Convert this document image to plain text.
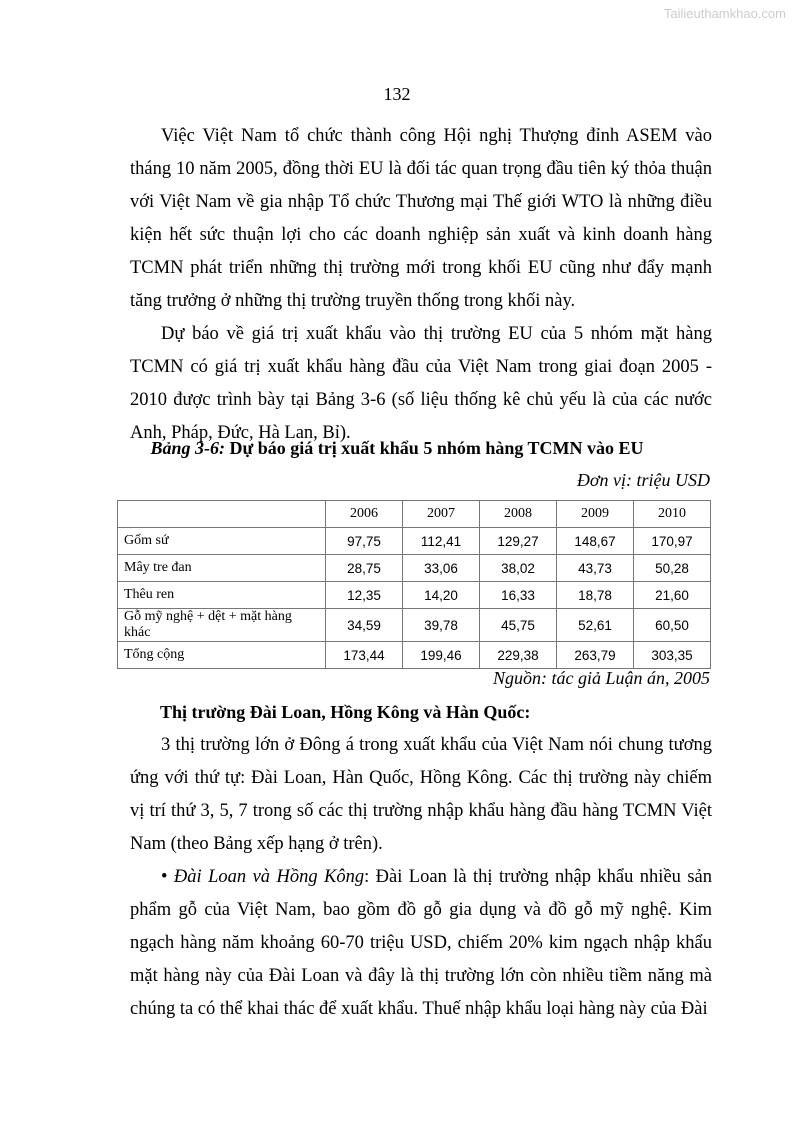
Tailieuthamkhao.com
132
Việc Việt Nam tổ chức thành công Hội nghị Thượng đỉnh ASEM vào tháng 10 năm 2005, đồng thời EU là đối tác quan trọng đầu tiên ký thỏa thuận với Việt Nam về gia nhập Tổ chức Thương mại Thế giới WTO là những điều kiện hết sức thuận lợi cho các doanh nghiệp sản xuất và kinh doanh hàng TCMN phát triển những thị trường mới trong khối EU cũng như đẩy mạnh tăng trưởng ở những thị trường truyền thống trong khối này.
Dự báo về giá trị xuất khẩu vào thị trường EU của 5 nhóm mặt hàng TCMN có giá trị xuất khẩu hàng đầu của Việt Nam trong giai đoạn 2005 - 2010 được trình bày tại Bảng 3-6 (số liệu thống kê chủ yếu là của các nước Anh, Pháp, Đức, Hà Lan, Bỉ).
Bảng 3-6: Dự báo giá trị xuất khẩu 5 nhóm hàng TCMN vào EU
Đơn vị: triệu USD
	2006	2007	2008	2009	2010
Gốm sứ	97,75	112,41	129,27	148,67	170,97
Mây tre đan	28,75	33,06	38,02	43,73	50,28
Thêu ren	12,35	14,20	16,33	18,78	21,60
Gỗ mỹ nghệ + dệt + mặt hàng khác	34,59	39,78	45,75	52,61	60,50
Tổng cộng	173,44	199,46	229,38	263,79	303,35
Nguồn: tác giả Luận án, 2005
Thị trường Đài Loan, Hồng Kông và Hàn Quốc:
3 thị trường lớn ở Đông á trong xuất khẩu của Việt Nam nói chung tương ứng với thứ tự: Đài Loan, Hàn Quốc, Hồng Kông. Các thị trường này chiếm vị trí thứ 3, 5, 7 trong số các thị trường nhập khẩu hàng đầu hàng TCMN Việt Nam (theo Bảng xếp hạng ở trên).
• Đài Loan và Hồng Kông: Đài Loan là thị trường nhập khẩu nhiều sản phẩm gỗ của Việt Nam, bao gồm đồ gỗ gia dụng và đồ gỗ mỹ nghệ. Kim ngạch hàng năm khoảng 60-70 triệu USD, chiếm 20% kim ngạch nhập khẩu mặt hàng này của Đài Loan và đây là thị trường lớn còn nhiều tiềm năng mà chúng ta có thể khai thác để xuất khẩu. Thuế nhập khẩu loại hàng này của Đài
